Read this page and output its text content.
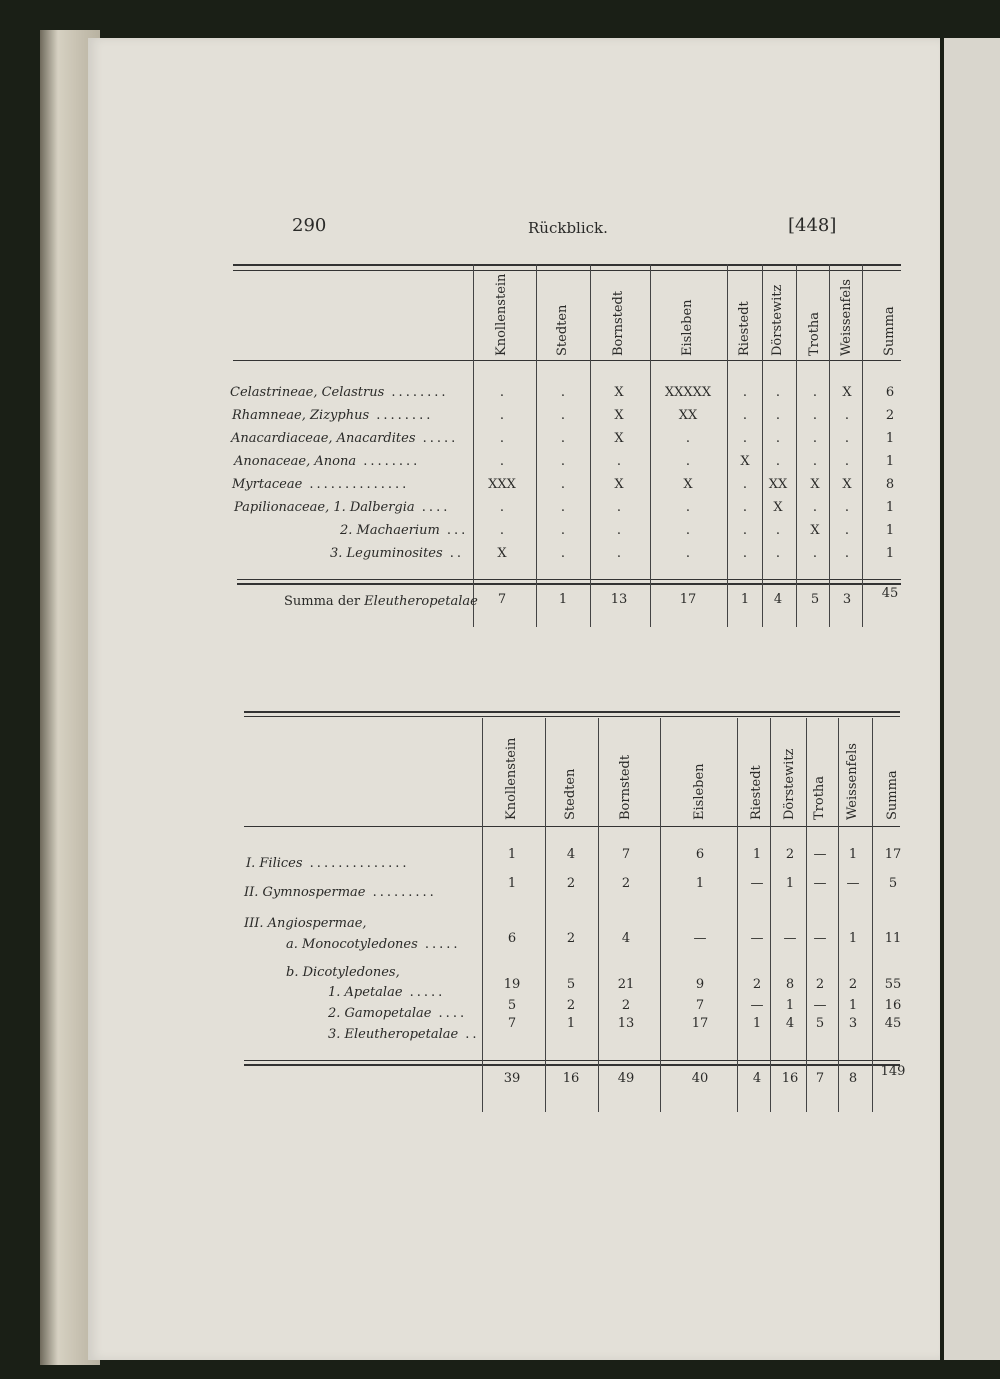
290	Rückblick.	[448]
Knollenstein	Stedten	Bornstedt	Eisleben	Riestedt Dörstewitz Trotha Weissenfels Summa
Celastrineae, Celastrus ........	.	.	X	XXXXX	.	.	.	X	6
Rhamneae, Zizyphus ........	.	.	X	XX	.	.	.	.	2
Anacardiaceae, Anacardites .....	.	.	X	.	.	.	.	.	1
Anonaceae, Anona ........	.	.	.	.	X	.	.	.	1
Myrtaceae ..............	XXX	.	X	X	.	XX	X	X	8
Papilionaceae, 1. Dalbergia ....	.	.	.	.	.	X	.	.	1
2. Machaerium ...	.	.	.	.	.	.	X	.	1
3. Leguminosites ..	X	.	.	.	.	.	.	.	1
Summa der Eleutheropetalae	7	1	13	17	1	4	5	3	45
Knollenstein	Stedten	Bornstedt	Eisleben	Riestedt Dörstewitz Trotha Weissenfels Summa
I. Filices ..............
1	4	7	6	1	2	—	1	17
II. Gymnospermae .........
1	2	2	1	—	1	—	—	5
III. Angiospermae,
a. Monocotyledones .....	6	2	4	—	—	—	—	1	11
b. Dicotyledones,
1. Apetalae .....
19	5	21	9	2	8	2	2	55
2. Gamopetalae ....
5	2	2	7	—	1	—	1	16
3. Eleutheropetalae ..
7	1	13	17	1	4	5	3	45
39	16	49	40	4	16	7	8	149
